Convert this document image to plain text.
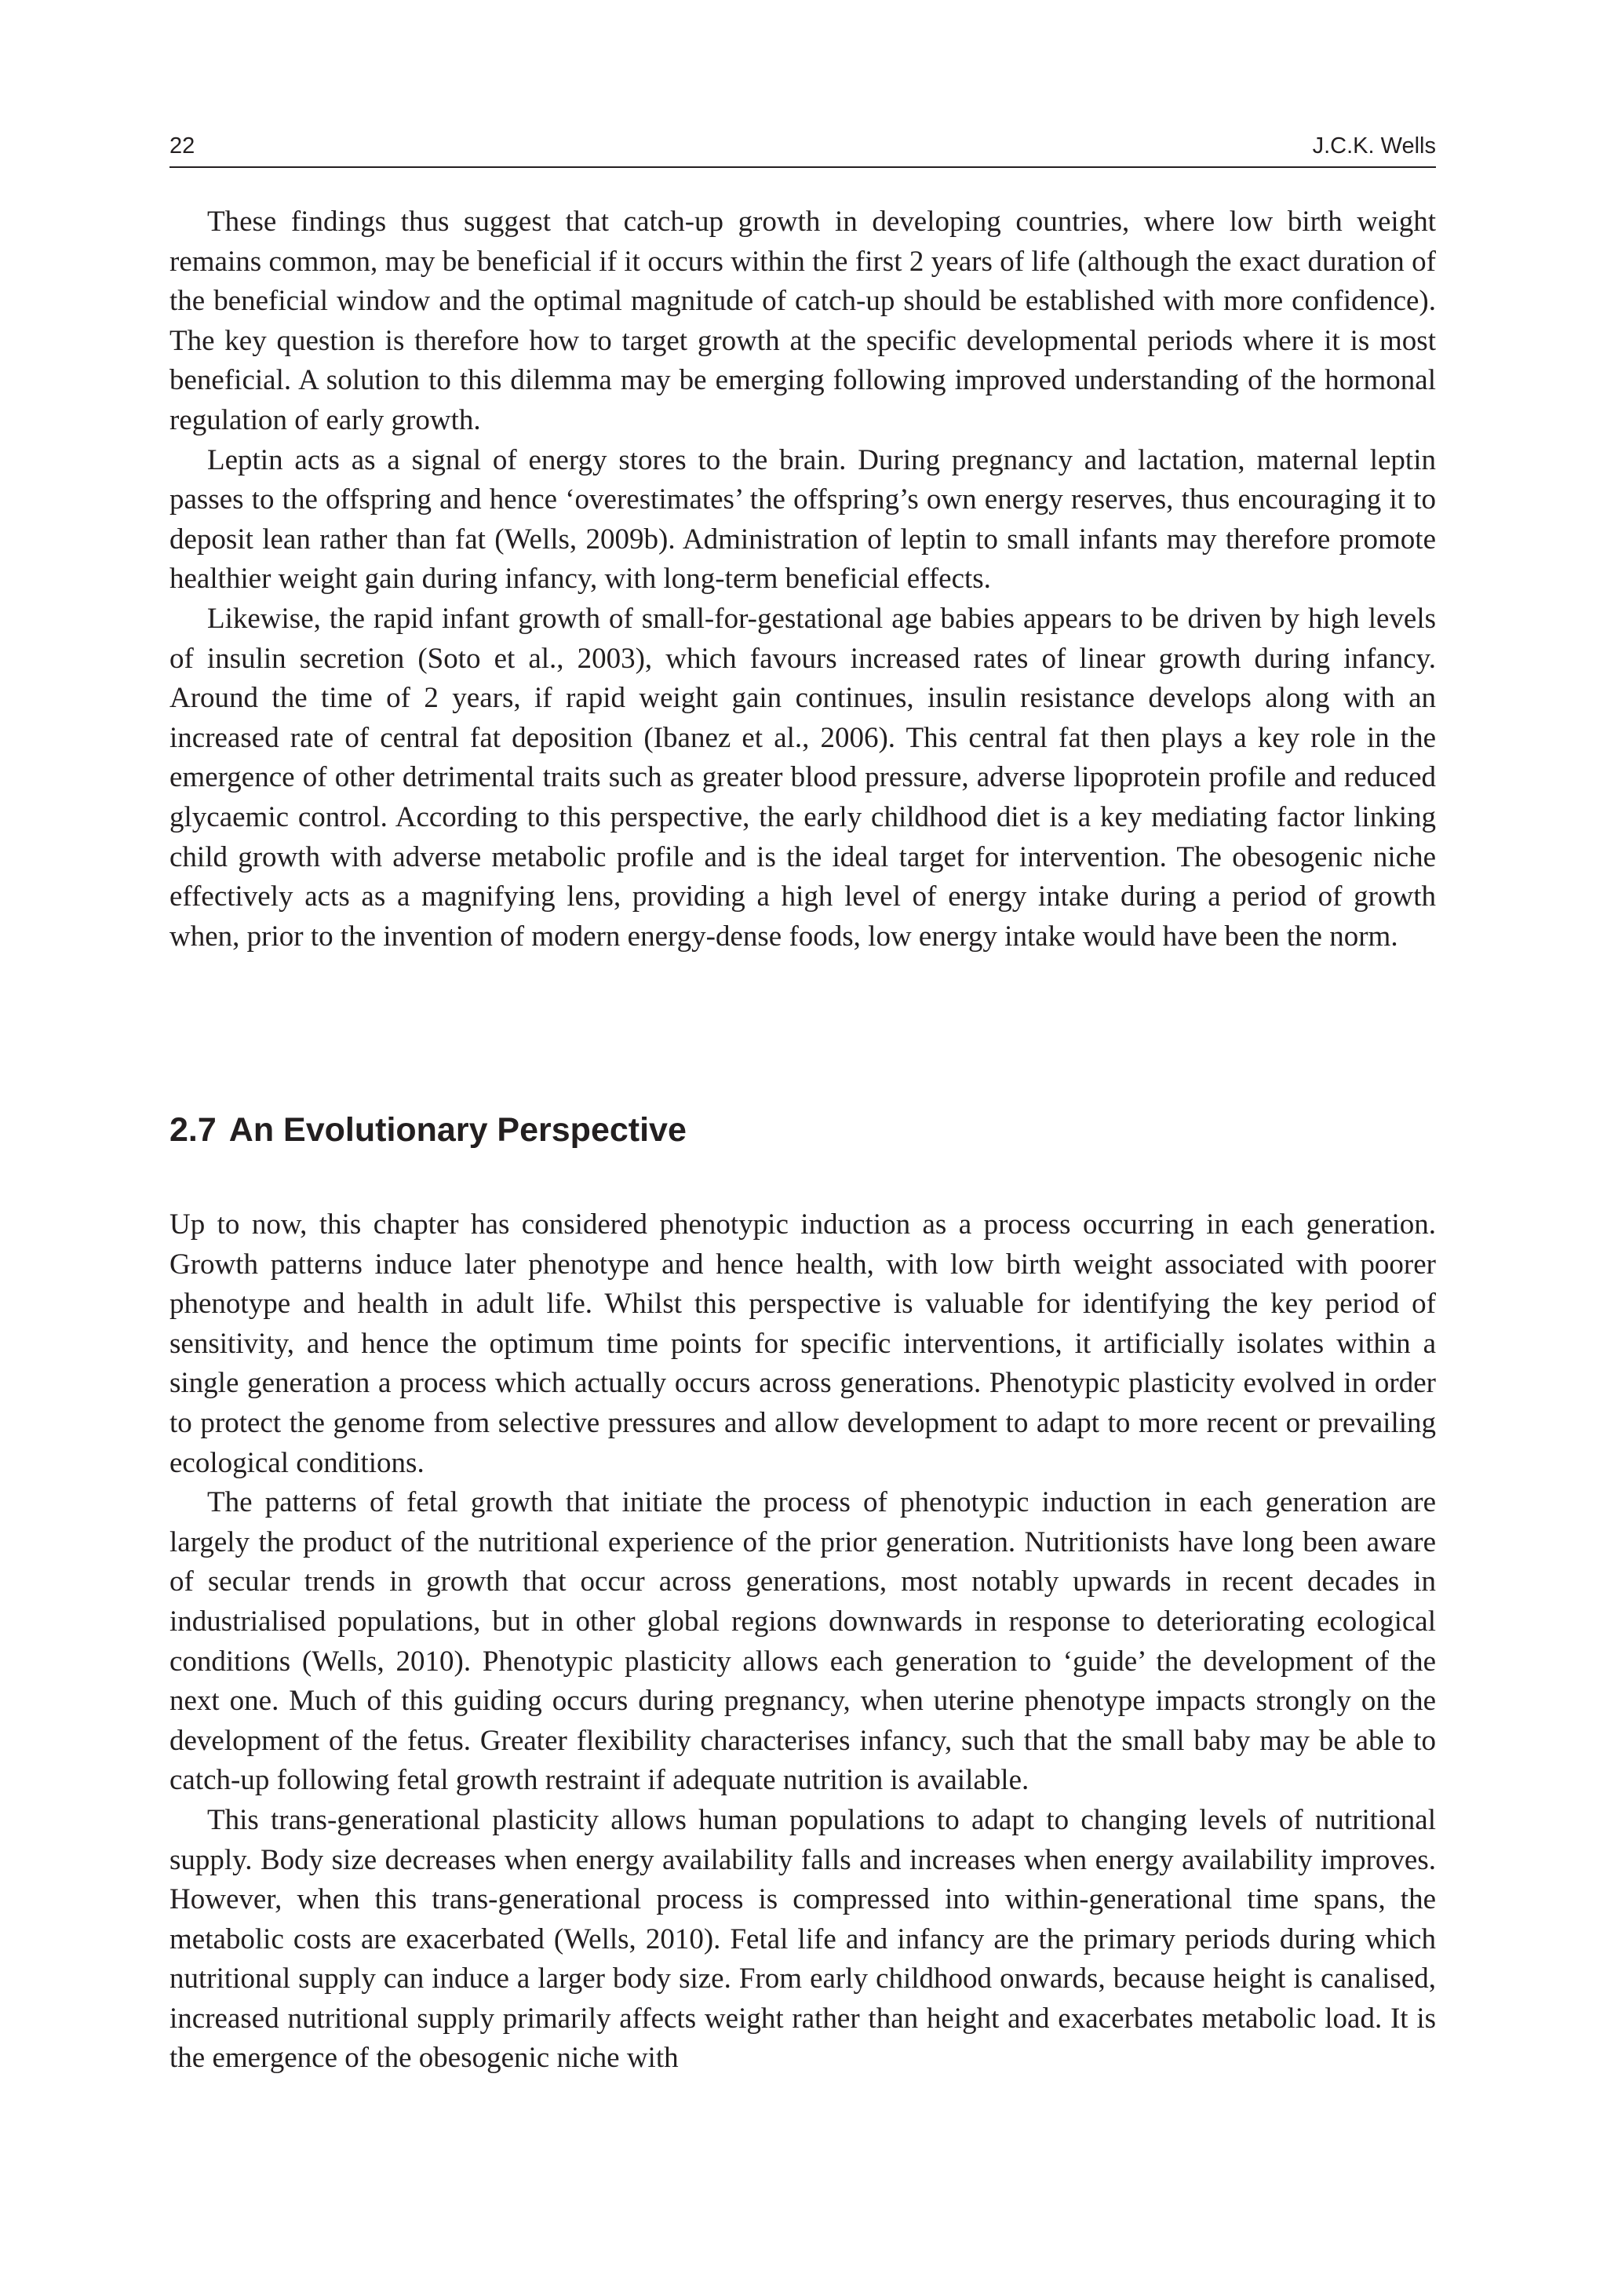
22	J.C.K. Wells

These findings thus suggest that catch-up growth in developing countries, where low birth weight remains common, may be beneficial if it occurs within the first 2 years of life (although the exact duration of the beneficial window and the optimal magnitude of catch-up should be established with more confidence). The key question is therefore how to target growth at the specific developmental periods where it is most beneficial. A solution to this dilemma may be emerging following improved understanding of the hormonal regulation of early growth.

Leptin acts as a signal of energy stores to the brain. During pregnancy and lactation, maternal leptin passes to the offspring and hence ‘overestimates’ the offspring’s own energy reserves, thus encouraging it to deposit lean rather than fat (Wells, 2009b). Administration of leptin to small infants may therefore promote healthier weight gain during infancy, with long-term beneficial effects.

Likewise, the rapid infant growth of small-for-gestational age babies appears to be driven by high levels of insulin secretion (Soto et al., 2003), which favours increased rates of linear growth during infancy. Around the time of 2 years, if rapid weight gain continues, insulin resistance develops along with an increased rate of central fat deposition (Ibanez et al., 2006). This central fat then plays a key role in the emergence of other detrimental traits such as greater blood pressure, adverse lipoprotein profile and reduced glycaemic control. According to this perspective, the early childhood diet is a key mediating factor linking child growth with adverse metabolic profile and is the ideal target for intervention. The obesogenic niche effectively acts as a magnifying lens, providing a high level of energy intake during a period of growth when, prior to the invention of modern energy-dense foods, low energy intake would have been the norm.

2.7 An Evolutionary Perspective

Up to now, this chapter has considered phenotypic induction as a process occurring in each generation. Growth patterns induce later phenotype and hence health, with low birth weight associated with poorer phenotype and health in adult life. Whilst this perspective is valuable for identifying the key period of sensitivity, and hence the optimum time points for specific interventions, it artificially isolates within a single generation a process which actually occurs across generations. Phenotypic plasticity evolved in order to protect the genome from selective pressures and allow development to adapt to more recent or prevailing ecological conditions.

The patterns of fetal growth that initiate the process of phenotypic induction in each generation are largely the product of the nutritional experience of the prior generation. Nutritionists have long been aware of secular trends in growth that occur across generations, most notably upwards in recent decades in industrialised populations, but in other global regions downwards in response to deteriorating ecological conditions (Wells, 2010). Phenotypic plasticity allows each generation to ‘guide’ the development of the next one. Much of this guiding occurs during pregnancy, when uterine phenotype impacts strongly on the development of the fetus. Greater flexibility characterises infancy, such that the small baby may be able to catch-up following fetal growth restraint if adequate nutrition is available.

This trans-generational plasticity allows human populations to adapt to changing levels of nutritional supply. Body size decreases when energy availability falls and increases when energy availability improves. However, when this trans-generational process is compressed into within-generational time spans, the metabolic costs are exacerbated (Wells, 2010). Fetal life and infancy are the primary periods during which nutritional supply can induce a larger body size. From early childhood onwards, because height is canalised, increased nutritional supply primarily affects weight rather than height and exacerbates metabolic load. It is the emergence of the obesogenic niche with
